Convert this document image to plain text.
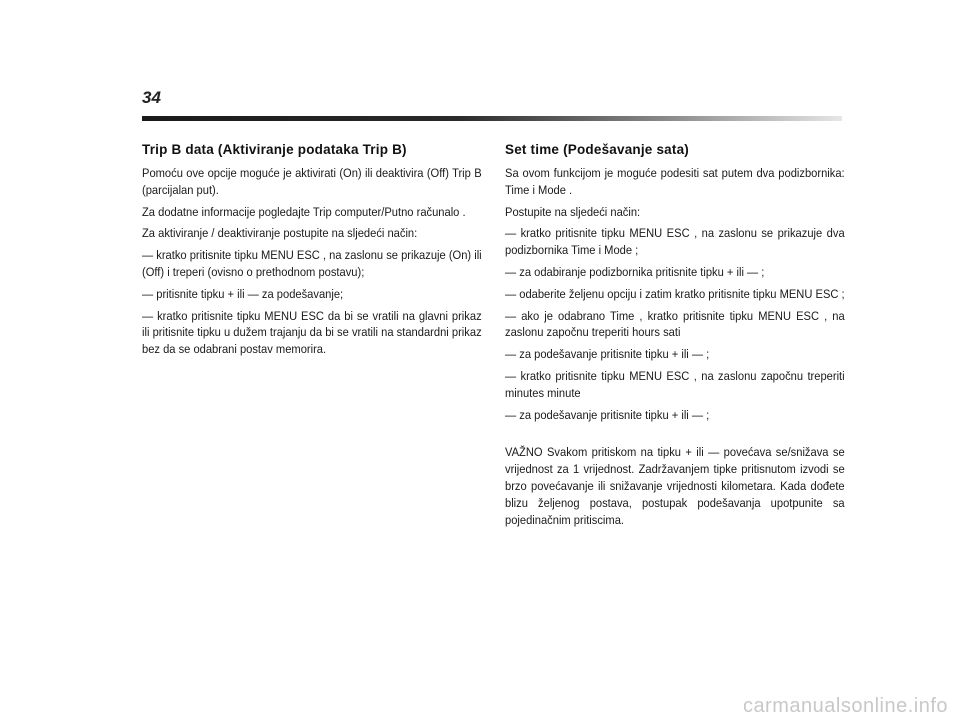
34
Trip B data (Aktiviranje podataka Trip B)

Pomoću ove opcije moguće je aktivirati (On) ili deaktivira (Off) Trip B (parcijalan put).

Za dodatne informacije pogledajte Trip computer/Putno računalo .

Za aktiviranje / deaktiviranje postupite na sljedeći način:

— kratko pritisnite tipku MENU ESC , na zaslonu se prikazuje (On) ili (Off) i treperi (ovisno o prethodnom postavu);

— pritisnite tipku + ili — za podešavanje;

— kratko pritisnite tipku MENU ESC da bi se vratili na glavni prikaz ili pritisnite tipku u dužem trajanju da bi se vratili na standardni prikaz bez da se odabrani postav memorira.

Set time (Podešavanje sata)

Sa ovom funkcijom je moguće podesiti sat putem dva podizbornika: Time i Mode .

Postupite na sljedeći način:

— kratko pritisnite tipku MENU ESC , na zaslonu se prikazuje dva podizbornika Time i Mode ;

— za odabiranje podizbornika pritisnite tipku + ili — ;

— odaberite željenu opciju i zatim kratko pritisnite tipku MENU ESC ;

— ako je odabrano Time , kratko pritisnite tipku MENU ESC , na zaslonu započnu treperiti hours sati

— za podešavanje pritisnite tipku + ili — ;

— kratko pritisnite tipku MENU ESC , na zaslonu započnu treperiti minutes minute

— za podešavanje pritisnite tipku + ili — ;

VAŽNO Svakom pritiskom na tipku + ili — povećava se/snižava se vrijednost za 1 vrijednost. Zadržavanjem tipke pritisnutom izvodi se brzo povećavanje ili snižavanje vrijednosti kilometara. Kada dođete blizu željenog postava, postupak podešavanja upotpunite sa pojedinačnim pritiscima.

carmanualsonline.info
